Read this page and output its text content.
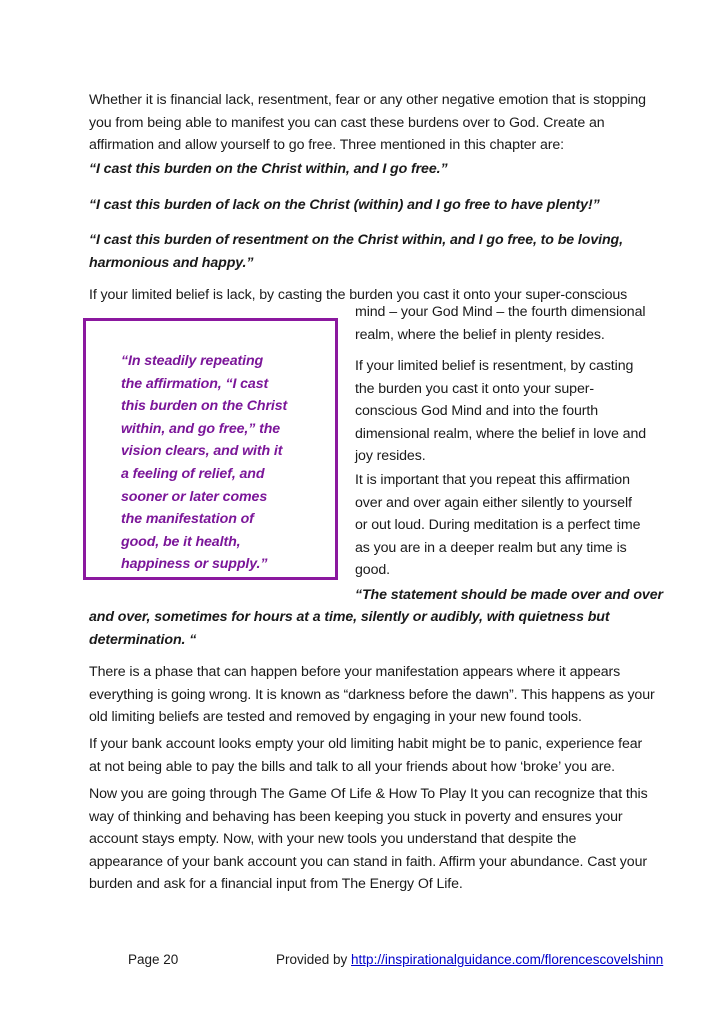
Whether it is financial lack, resentment, fear or any other negative emotion that is stopping
you from being able to manifest you can cast these burdens over to God. Create an
affirmation and allow yourself to go free. Three mentioned in this chapter are:
“I cast this burden on the Christ within, and I go free.”
“I cast this burden of lack on the Christ (within) and I go free to have plenty!”
“I cast this burden of resentment on the Christ within, and I go free, to be loving,
harmonious and happy.”
If your limited belief is lack, by casting the burden you cast it onto your super-conscious
mind – your God Mind – the fourth dimensional
realm, where the belief in plenty resides.
“In steadily repeating
the affirmation, “I cast
this burden on the Christ
within, and go free,” the
vision clears, and with it
a feeling of relief, and
sooner or later comes
the manifestation of
good, be it health,
happiness or supply.”
If your limited belief is resentment, by casting
the burden you cast it onto your super-
conscious God Mind and into the fourth
dimensional realm, where the belief in love and
joy resides.
It is important that you repeat this affirmation
over and over again either silently to yourself
or out loud. During meditation is a perfect time
as you are in a deeper realm but any time is
good.
“The statement should be made over and over
and over, sometimes for hours at a time, silently or audibly, with quietness but
determination. “
There is a phase that can happen before your manifestation appears where it appears
everything is going wrong. It is known as “darkness before the dawn”. This happens as your
old limiting beliefs are tested and removed by engaging in your new found tools.
If your bank account looks empty your old limiting habit might be to panic, experience fear
at not being able to pay the bills and talk to all your friends about how ‘broke’ you are.
Now you are going through The Game Of Life & How To Play It you can recognize that this
way of thinking and behaving has been keeping you stuck in poverty and ensures your
account stays empty. Now, with your new tools you understand that despite the
appearance of your bank account you can stand in faith. Affirm your abundance. Cast your
burden and ask for a financial input from The Energy Of Life.
Page 20	Provided by http://inspirationalguidance.com/florencescovelshinn
